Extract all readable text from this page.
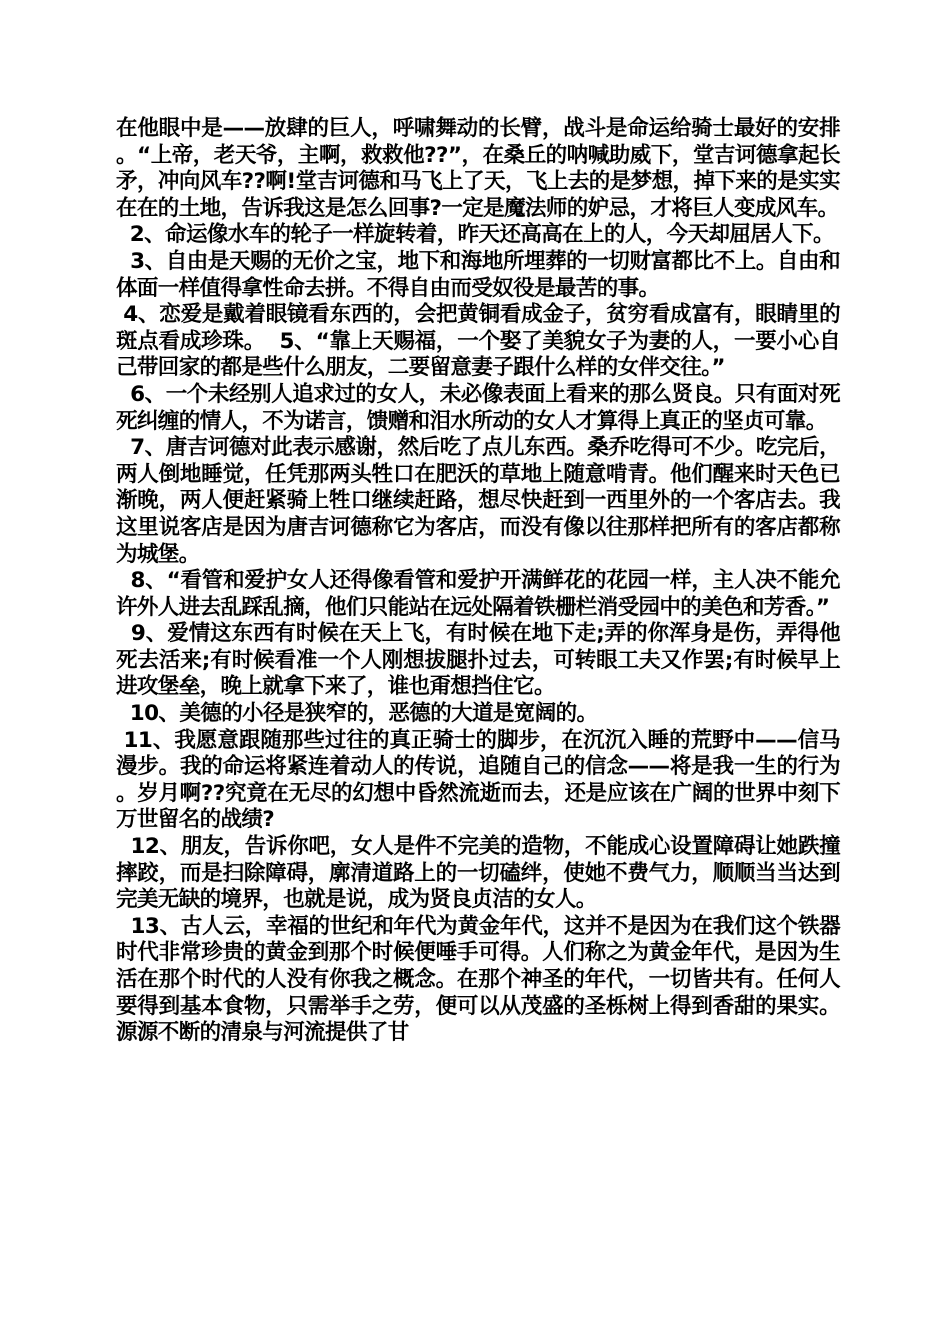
在他眼中是——放肆的巨人，呼啸舞动的长臂，战斗是命运给骑士最好的安排。“上帝，老天爷，主啊，救救他??”，在桑丘的呐喊助威下，堂吉诃德拿起长矛，冲向风车??啊!堂吉诃德和马飞上了天，飞上去的是梦想，掉下来的是实实在在的土地，告诉我这是怎么回事?一定是魔法师的妒忌，才将巨人变成风车。

2、命运像水车的轮子一样旋转着，昨天还高高在上的人，今天却屈居人下。

3、自由是天赐的无价之宝，地下和海地所埋葬的一切财富都比不上。自由和体面一样值得拿性命去拼。不得自由而受奴役是最苦的事。

4、恋爱是戴着眼镜看东西的，会把黄铜看成金子，贫穷看成富有，眼睛里的斑点看成珍珠。  5、“靠上天赐福，一个娶了美貌女子为妻的人，一要小心自己带回家的都是些什么朋友，二要留意妻子跟什么样的女伴交往。”

6、一个未经别人追求过的女人，未必像表面上看来的那么贤良。只有面对死死纠缠的情人，不为诺言，馈赠和泪水所动的女人才算得上真正的坚贞可靠。

7、唐吉诃德对此表示感谢，然后吃了点儿东西。桑乔吃得可不少。吃完后，两人倒地睡觉，任凭那两头牲口在肥沃的草地上随意啃青。他们醒来时天色已渐晚，两人便赶紧骑上牲口继续赶路，想尽快赶到一西里外的一个客店去。我这里说客店是因为唐吉诃德称它为客店，而没有像以往那样把所有的客店都称为城堡。

8、“看管和爱护女人还得像看管和爱护开满鲜花的花园一样，主人决不能允许外人进去乱踩乱摘，他们只能站在远处隔着铁栅栏消受园中的美色和芳香。”

9、爱情这东西有时候在天上飞，有时候在地下走;弄的你浑身是伤，弄得他死去活来;有时候看准一个人刚想拔腿扑过去，可转眼工夫又作罢;有时候早上进攻堡垒，晚上就拿下来了，谁也甭想挡住它。

10、美德的小径是狭窄的，恶德的大道是宽阔的。

11、我愿意跟随那些过往的真正骑士的脚步，在沉沉入睡的荒野中——信马漫步。我的命运将紧连着动人的传说，追随自己的信念——将是我一生的行为。岁月啊??究竟在无尽的幻想中昏然流逝而去，还是应该在广阔的世界中刻下万世留名的战绩?

12、朋友，告诉你吧，女人是件不完美的造物，不能成心设置障碍让她跌撞摔跤，而是扫除障碍，廓清道路上的一切磕绊，使她不费气力，顺顺当当达到完美无缺的境界，也就是说，成为贤良贞洁的女人。

13、古人云，幸福的世纪和年代为黄金年代，这并不是因为在我们这个铁器时代非常珍贵的黄金到那个时候便唾手可得。人们称之为黄金年代，是因为生活在那个时代的人没有你我之概念。在那个神圣的年代，一切皆共有。任何人要得到基本食物，只需举手之劳，便可以从茂盛的圣栎树上得到香甜的果实。源源不断的清泉与河流提供了甘
